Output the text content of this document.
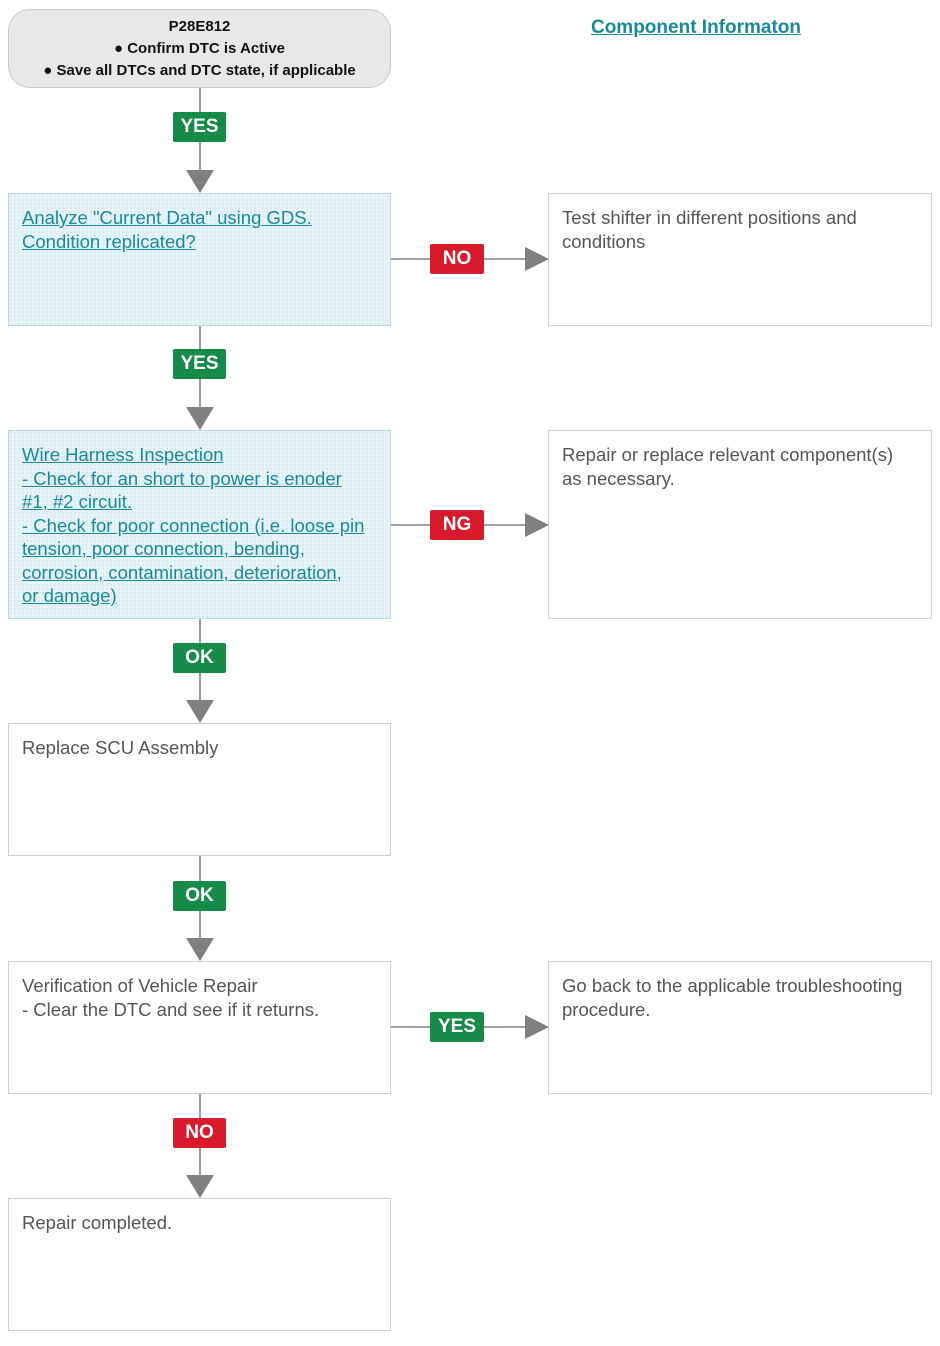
P28E812
● Confirm DTC is Active
● Save all DTCs and DTC state, if applicable
Component Informaton
Analyze "Current Data" using GDS.
Condition replicated?
Test shifter in different positions and
conditions
Wire Harness Inspection
- Check for an short to power is enoder
#1, #2 circuit.
- Check for poor connection (i.e. loose pin
tension, poor connection, bending,
corrosion, contamination, deterioration,
or damage)
Repair or replace relevant component(s)
as necessary.
Replace SCU Assembly
Verification of Vehicle Repair
- Clear the DTC and see if it returns.
Go back to the applicable troubleshooting
procedure.
Repair completed.
YES
NO
YES
NG
OK
OK
YES
NO
